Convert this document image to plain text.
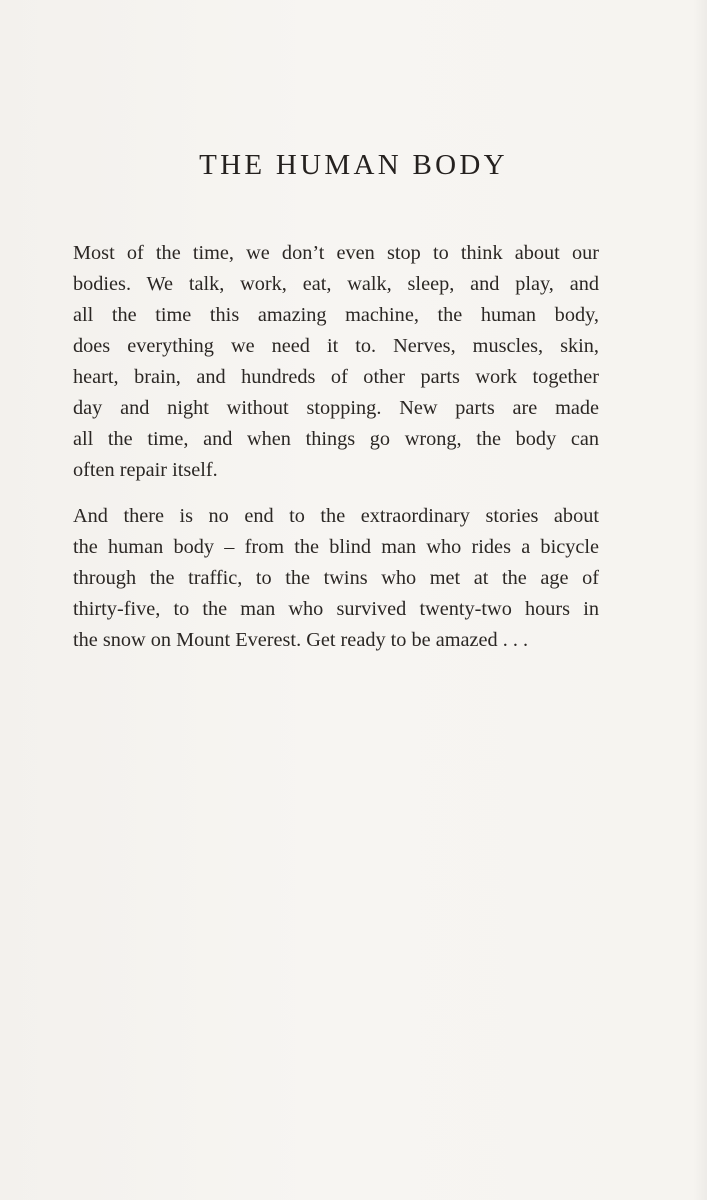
THE HUMAN BODY
Most of the time, we don’t even stop to think about our
bodies. We talk, work, eat, walk, sleep, and play, and
all the time this amazing machine, the human body,
does everything we need it to. Nerves, muscles, skin,
heart, brain, and hundreds of other parts work together
day and night without stopping. New parts are made
all the time, and when things go wrong, the body can
often repair itself.
And there is no end to the extraordinary stories about
the human body – from the blind man who rides a bicycle
through the traffic, to the twins who met at the age of
thirty-five, to the man who survived twenty-two hours in
the snow on Mount Everest. Get ready to be amazed . . .
